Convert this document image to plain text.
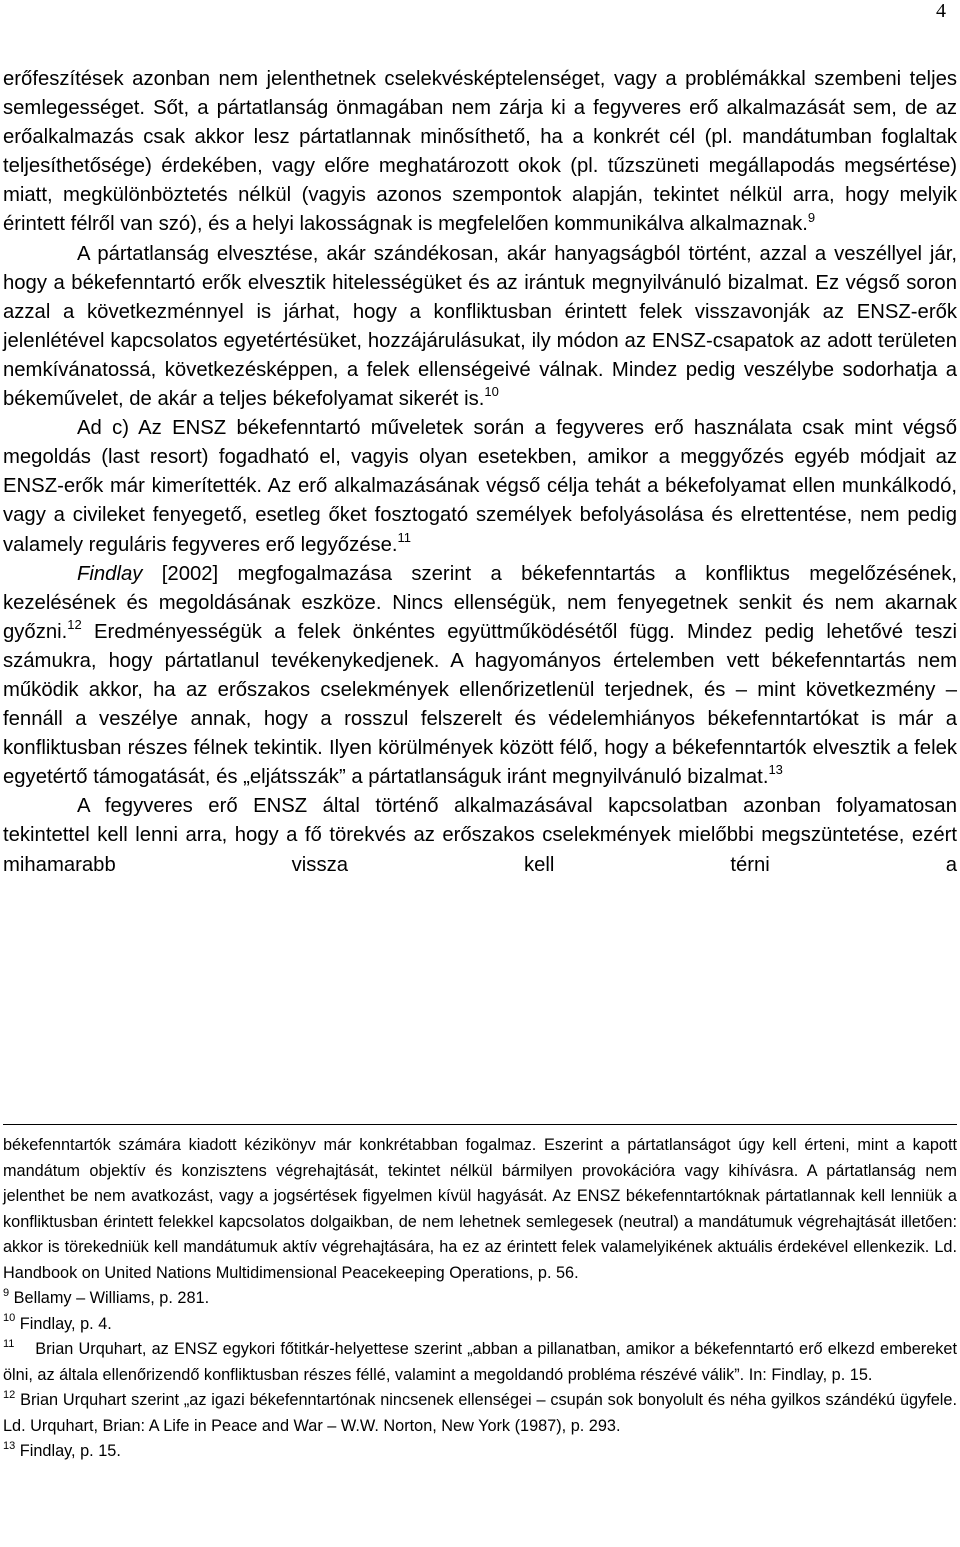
4

erőfeszítések azonban nem jelenthetnek cselekvésképtelenséget, vagy a problémákkal szembeni teljes semlegességet. Sőt, a pártatlanság önmagában nem zárja ki a fegyveres erő alkalmazását sem, de az erőalkalmazás csak akkor lesz pártatlannak minősíthető, ha a konkrét cél (pl. mandátumban foglaltak teljesíthetősége) érdekében, vagy előre meghatározott okok (pl. tűzszüneti megállapodás megsértése) miatt, megkülönböztetés nélkül (vagyis azonos szempontok alapján, tekintet nélkül arra, hogy melyik érintett félről van szó), és a helyi lakosságnak is megfelelően kommunikálva alkalmaznak.$^9$

A pártatlanság elvesztése, akár szándékosan, akár hanyagságból történt, azzal a veszéllyel jár, hogy a békefenntartó erők elvesztik hitelességüket és az irántuk megnyilvánuló bizalmat. Ez végső soron azzal a következménnyel is járhat, hogy a konfliktusban érintett felek visszavonják az ENSZ-erők jelenlétével kapcsolatos egyetértésüket, hozzájárulásukat, ily módon az ENSZ-csapatok az adott területen nemkívánatossá, következésképpen, a felek ellenségeivé válnak. Mindez pedig veszélybe sodorhatja a békeművelet, de akár a teljes békefolyamat sikerét is.$^{10}$

Ad c) Az ENSZ békefenntartó műveletek során a fegyveres erő használata csak mint végső megoldás (last resort) fogadható el, vagyis olyan esetekben, amikor a meggyőzés egyéb módjait az ENSZ-erők már kimerítették. Az erő alkalmazásának végső célja tehát a békefolyamat ellen munkálkodó, vagy a civileket fenyegető, esetleg őket fosztogató személyek befolyásolása és elrettentése, nem pedig valamely reguláris fegyveres erő legyőzése.$^{11}$

Findlay [2002] megfogalmazása szerint a békefenntartás a konfliktus megelőzésének, kezelésének és megoldásának eszköze. Nincs ellenségük, nem fenyegetnek senkit és nem akarnak győzni.$^{12}$ Eredményességük a felek önkéntes együttműködésétől függ. Mindez pedig lehetővé teszi számukra, hogy pártatlanul tevékenykedjenek. A hagyományos értelemben vett békefenntartás nem működik akkor, ha az erőszakos cselekmények ellenőrizetlenül terjednek, és – mint következmény – fennáll a veszélye annak, hogy a rosszul felszerelt és védelemhiányos békefenntartókat is már a konfliktusban részes félnek tekintik. Ilyen körülmények között félő, hogy a békefenntartók elvesztik a felek egyetértő támogatását, és „eljátsszák” a pártatlanságuk iránt megnyilvánuló bizalmat.$^{13}$

A fegyveres erő ENSZ által történő alkalmazásával kapcsolatban azonban folyamatosan tekintettel kell lenni arra, hogy a fő törekvés az erőszakos cselekmények mielőbbi megszüntetése, ezért mihamarabb vissza kell térni a

békefenntartók számára kiadott kézikönyv már konkrétabban fogalmaz. Eszerint a pártatlanságot úgy kell érteni, mint a kapott mandátum objektív és konzisztens végrehajtását, tekintet nélkül bármilyen provokációra vagy kihívásra. A pártatlanság nem jelenthet be nem avatkozást, vagy a jogsértések figyelmen kívül hagyását. Az ENSZ békefenntartóknak pártatlannak kell lenniük a konfliktusban érintett felekkel kapcsolatos dolgaikban, de nem lehetnek semlegesek (neutral) a mandátumuk végrehajtását illetően: akkor is törekedniük kell mandátumuk aktív végrehajtására, ha ez az érintett felek valamelyikének aktuális érdekével ellenkezik. Ld. Handbook on United Nations Multidimensional Peacekeeping Operations, p. 56.

$^9$ Bellamy – Williams, p. 281.

$^{10}$ Findlay, p. 4.

$^{11}$ Brian Urquhart, az ENSZ egykori főtitkár-helyettese szerint „abban a pillanatban, amikor a békefenntartó erő elkezd embereket ölni, az általa ellenőrizendő konfliktusban részes féllé, valamint a megoldandó probléma részévé válik”. In: Findlay, p. 15.

$^{12}$ Brian Urquhart szerint „az igazi békefenntartónak nincsenek ellenségei – csupán sok bonyolult és néha gyilkos szándékú ügyfele. Ld. Urquhart, Brian: A Life in Peace and War – W.W. Norton, New York (1987), p. 293.

$^{13}$ Findlay, p. 15.
